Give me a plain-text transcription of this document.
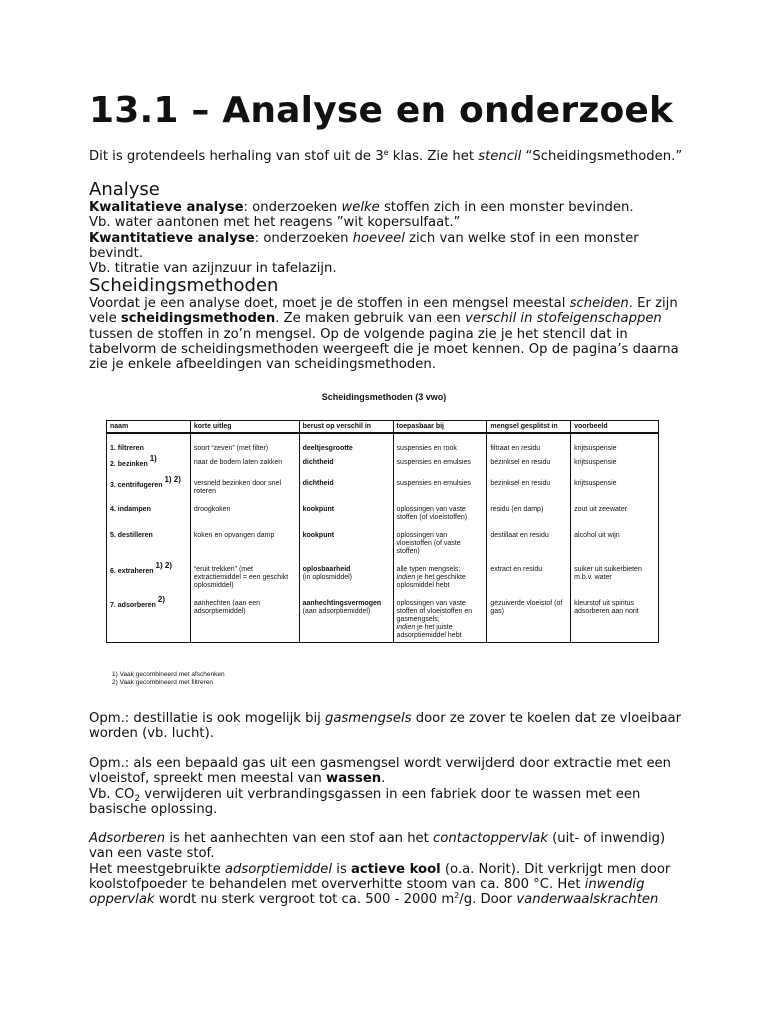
13.1 – Analyse en onderzoek

Dit is grotendeels herhaling van stof uit de 3e klas. Zie het stencil “Scheidingsmethoden.”

Analyse
Kwalitatieve analyse: onderzoeken welke stoffen zich in een monster bevinden.
Vb. water aantonen met het reagens ”wit kopersulfaat.”
Kwantitatieve analyse: onderzoeken hoeveel zich van welke stof in een monster bevindt.
Vb. titratie van azijnzuur in tafelazijn.
Scheidingsmethoden

Voordat je een analyse doet, moet je de stoffen in een mengsel meestal scheiden. Er zijn vele scheidingsmethoden. Ze maken gebruik van een verschil in stofeigenschappen tussen de stoffen in zo’n mengsel. Op de volgende pagina zie je het stencil dat in tabelvorm de scheidingsmethoden weergeeft die je moet kennen. Op de pagina’s daarna zie je enkele afbeeldingen van scheidingsmethoden.

Opm.: destillatie is ook mogelijk bij gasmengsels door ze zover te koelen dat ze vloeibaar worden (vb. lucht).

Opm.: als een bepaald gas uit een gasmengsel wordt verwijderd door extractie met een vloeistof, spreekt men meestal van wassen.
Vb. $CO_2$ verwijderen uit verbrandingsgassen in een fabriek door te wassen met een basische oplossing.
Adsorberen is het aanhechten van een stof aan het contactoppervlak (uit- of inwendig) van een vaste stof.
Het meestgebruikte adsorptiemiddel is actieve kool (o.a. Norit). Dit verkrijgt men door koolstofpoeder te behandelen met oververhitte stoom van ca. 800 °C. Het inwendig oppervlak wordt nu sterk vergroot tot ca. 500 - 2000 $m^2/g$. Door vanderwaalskrachten
Scheidingsmethoden (3 vwo)
naam	korte uitleg	berust op verschil in	toepasbaar bij	mengsel gesplitst in	voorbeeld
1. filtreren	soort “zeven” (met filter)	deeltjesgrootte	suspensies en rook	filtraat en residu	krijtsuspensie
2. bezinken $^{1)}$	naar de bodem laten zakken	dichtheid	suspensies en emulsies	bezinksel en residu	krijtsuspensie
3. centrifugeren $^{1) 2)}$	versneld bezinken door snel roteren	dichtheid	suspensies en emulsies	bezinksel en residu	krijtsuspensie
4. indampen	droogkoken	kookpunt	oplossingen van vaste stoffen (of vloeistoffen)	residu (en damp)	zout uit zeewater
5. destilleren	koken en opvangen damp	kookpunt	oplossingen van vloeistoffen (of vaste stoffen)	destillaat en residu	alcohol uit wijn
6. extraheren $^{1) 2)}$	“eruit trekken” (met extractiemiddel = een geschikt oplosmiddel)	oplosbaarheid
(in oplosmiddel)	alle typen mengsels;
indien je het geschikte oplosmiddel hebt	extract en residu	suiker uit suikerbieten m.b.v. water
7. adsorberen $^{2)}$	aanhechten (aan een adsorptiemiddel)	aanhechtingsvermogen
(aan adsorptiemiddel)	oplossingen van vaste stoffen of vloeistoffen en gasmengsels;
indien je het juiste adsorptiemiddel hebt	gezuiverde vloeistof (of gas)	kleurstof uit spiritus adsorberen aan norit
1) Vaak gecombineerd met afschenken
2) Vaak gecombineerd met filtreren
